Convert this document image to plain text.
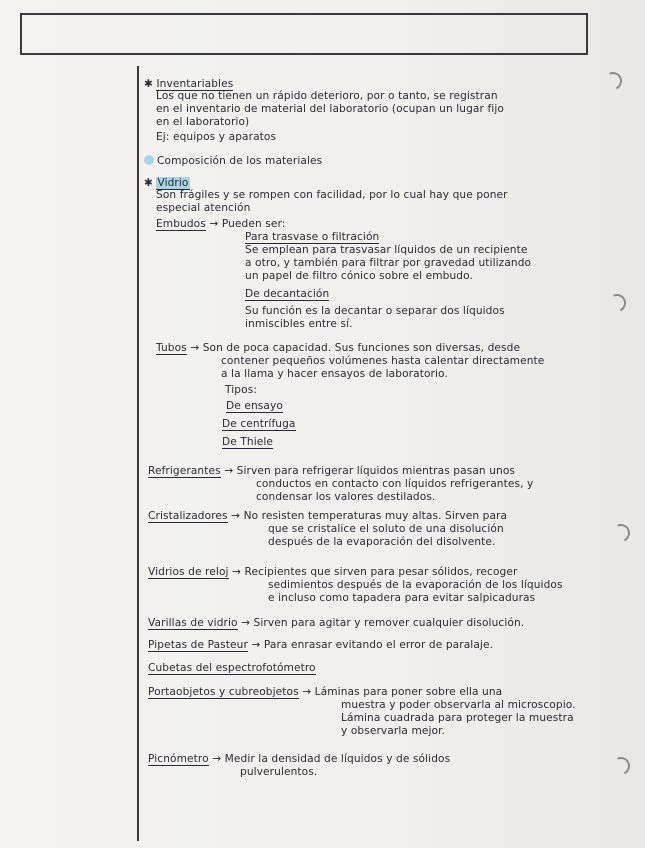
✱ Inventariables
Los que no tienen un rápido deterioro, por o tanto, se registran
en el inventario de material del laboratorio (ocupan un lugar fijo
en el laboratorio)
Ej: equipos y aparatos
Composición de los materiales
✱ Vidrio
Son frágiles y se rompen con facilidad, por lo cual hay que poner
especial atención
Embudos → Pueden ser:
Para trasvase o filtración
Se emplean para trasvasar líquidos de un recipiente
a otro, y también para filtrar por gravedad utilizando
un papel de filtro cónico sobre el embudo.
De decantación
Su función es la decantar o separar dos líquidos
inmiscibles entre sí.
Tubos → Son de poca capacidad. Sus funciones son diversas, desde
contener pequeños volúmenes hasta calentar directamente
a la llama y hacer ensayos de laboratorio.
Tipos:
De ensayo
De centrífuga
De Thiele
Refrigerantes → Sirven para refrigerar líquidos mientras pasan unos
conductos en contacto con líquidos refrigerantes, y
condensar los valores destilados.
Cristalizadores → No resisten temperaturas muy altas. Sirven para
que se cristalice el soluto de una disolución
después de la evaporación del disolvente.
Vidrios de reloj → Recipientes que sirven para pesar sólidos, recoger
sedimientos después de la evaporación de los líquidos
e incluso como tapadera para evitar salpicaduras
Varillas de vidrio → Sirven para agitar y remover cualquier disolución.
Pipetas de Pasteur → Para enrasar evitando el error de paralaje.
Cubetas del espectrofotómetro
Portaobjetos y cubreobjetos → Láminas para poner sobre ella una
muestra y poder observarla al microscopio.
Lámina cuadrada para proteger la muestra
y observarla mejor.
Picnómetro → Medir la densidad de líquidos y de sólidos
pulverulentos.
